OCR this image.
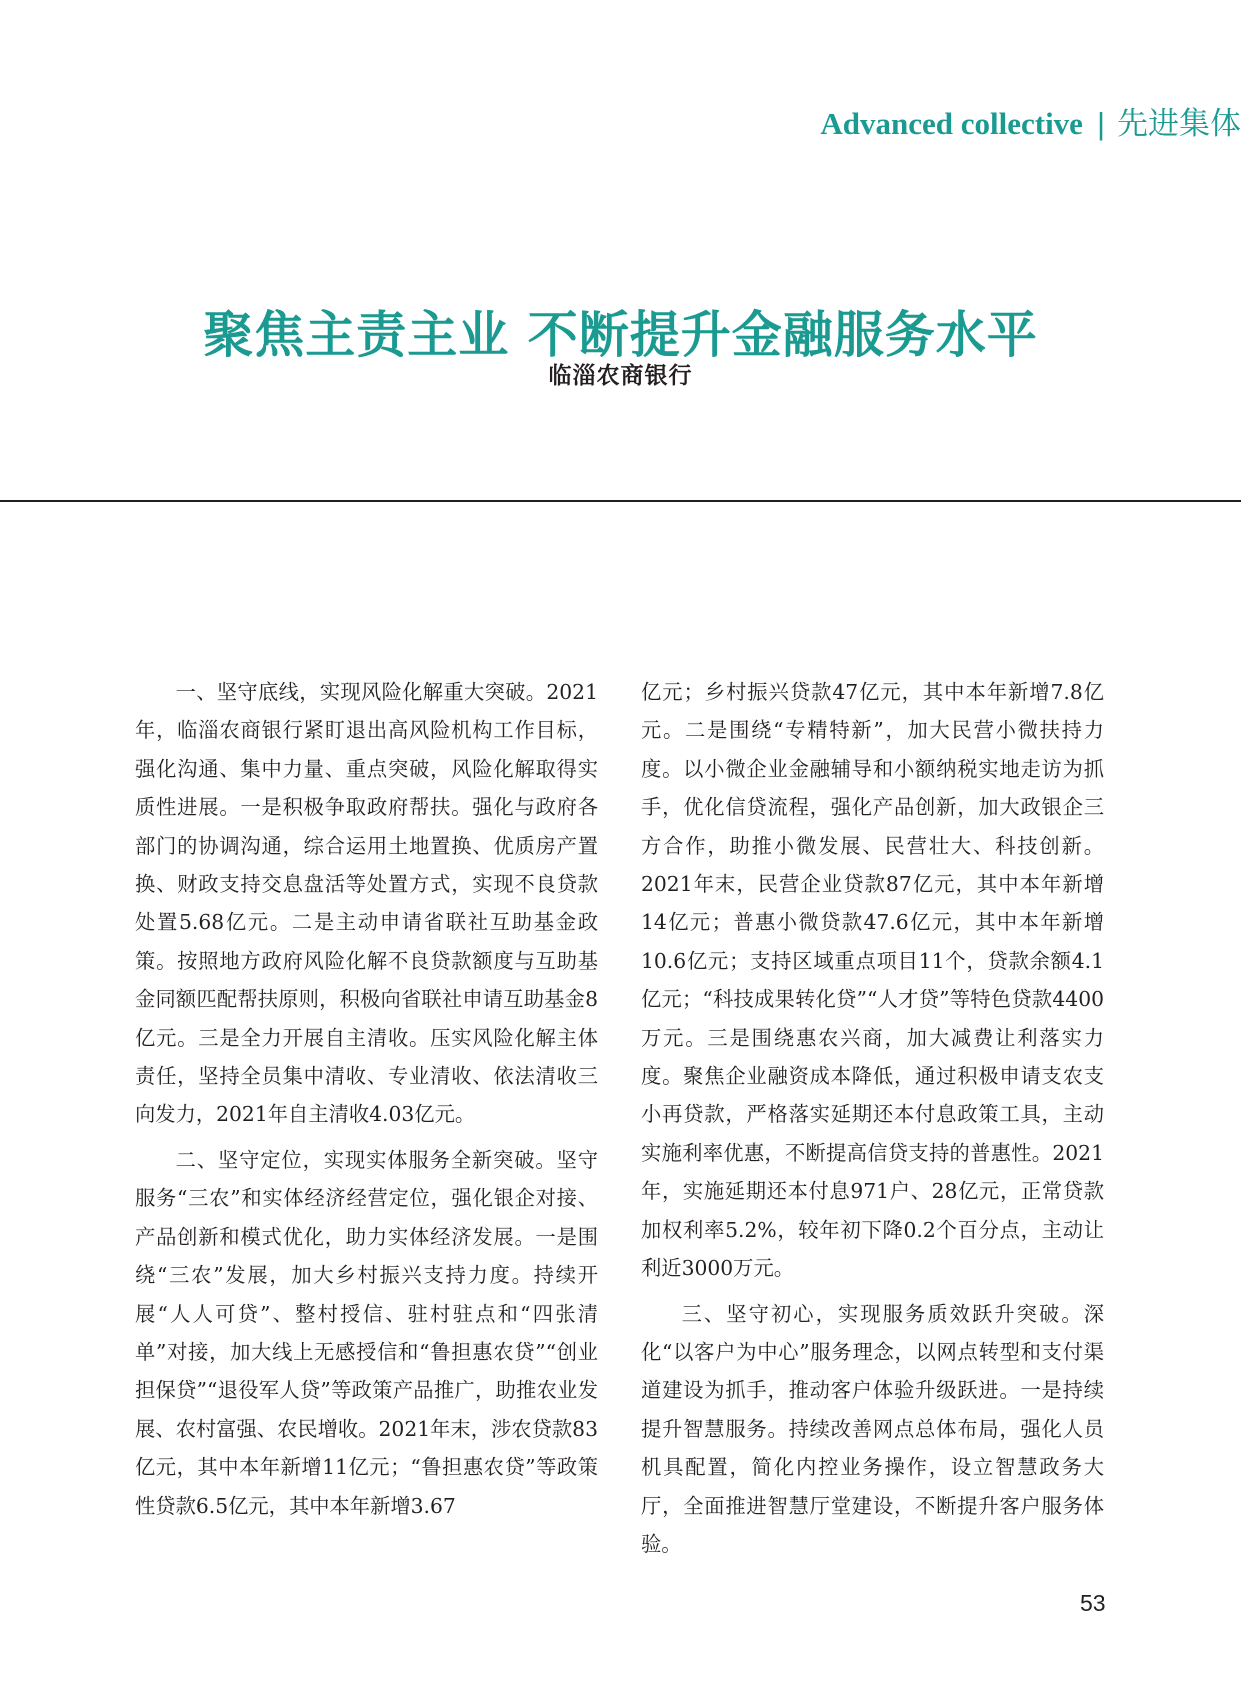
Advanced collective | 先进集体
聚焦主责主业 不断提升金融服务水平
临淄农商银行

一、坚守底线，实现风险化解重大突破。2021年，临淄农商银行紧盯退出高风险机构工作目标，强化沟通、集中力量、重点突破，风险化解取得实质性进展。一是积极争取政府帮扶。强化与政府各部门的协调沟通，综合运用土地置换、优质房产置换、财政支持交息盘活等处置方式，实现不良贷款处置5.68亿元。二是主动申请省联社互助基金政策。按照地方政府风险化解不良贷款额度与互助基金同额匹配帮扶原则，积极向省联社申请互助基金8亿元。三是全力开展自主清收。压实风险化解主体责任，坚持全员集中清收、专业清收、依法清收三向发力，2021年自主清收4.03亿元。

二、坚守定位，实现实体服务全新突破。坚守服务“三农”和实体经济经营定位，强化银企对接、产品创新和模式优化，助力实体经济发展。一是围绕“三农”发展，加大乡村振兴支持力度。持续开展“人人可贷”、整村授信、驻村驻点和“四张清单”对接，加大线上无感授信和“鲁担惠农贷”“创业担保贷”“退役军人贷”等政策产品推广，助推农业发展、农村富强、农民增收。2021年末，涉农贷款83亿元，其中本年新增11亿元；“鲁担惠农贷”等政策性贷款6.5亿元，其中本年新增3.67

亿元；乡村振兴贷款47亿元，其中本年新增7.8亿元。二是围绕“专精特新”，加大民营小微扶持力度。以小微企业金融辅导和小额纳税实地走访为抓手，优化信贷流程，强化产品创新，加大政银企三方合作，助推小微发展、民营壮大、科技创新。2021年末，民营企业贷款87亿元，其中本年新增14亿元；普惠小微贷款47.6亿元，其中本年新增10.6亿元；支持区域重点项目11个，贷款余额4.1亿元；“科技成果转化贷”“人才贷”等特色贷款4400万元。三是围绕惠农兴商，加大减费让利落实力度。聚焦企业融资成本降低，通过积极申请支农支小再贷款，严格落实延期还本付息政策工具，主动实施利率优惠，不断提高信贷支持的普惠性。2021年，实施延期还本付息971户、28亿元，正常贷款加权利率5.2%，较年初下降0.2个百分点，主动让利近3000万元。

三、坚守初心，实现服务质效跃升突破。深化“以客户为中心”服务理念，以网点转型和支付渠道建设为抓手，推动客户体验升级跃进。一是持续提升智慧服务。持续改善网点总体布局，强化人员机具配置，简化内控业务操作，设立智慧政务大厅，全面推进智慧厅堂建设，不断提升客户服务体验。

53
